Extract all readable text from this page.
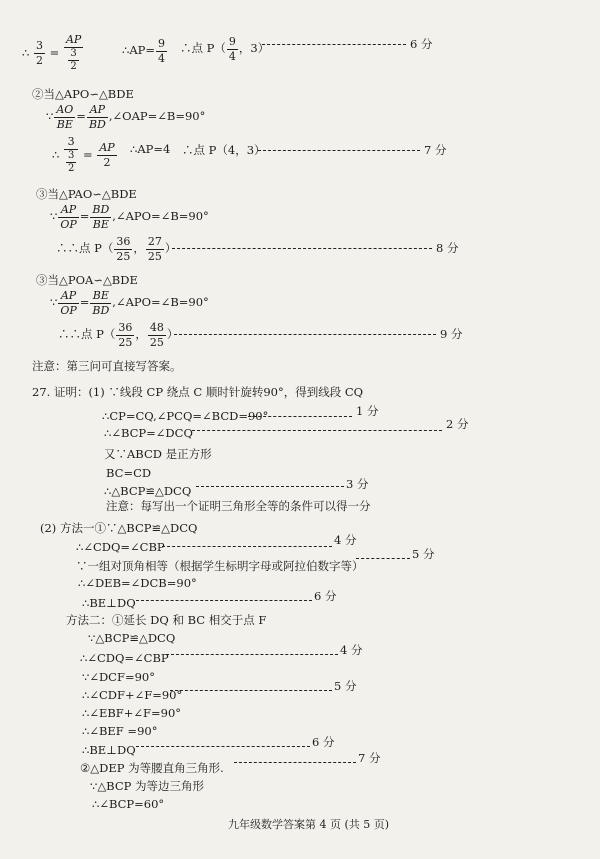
∴ $\frac{3}{2} = \frac{AP}{\frac{3}{2}}$	∴AP= $\frac{9}{4}$ ∴点 $P( \frac{9}{4}$ ，3）	6 分
②当△APO∽△BDE
∵ $\frac{AO}{BE} = \frac{AP}{BD}$ ,∠OAP=∠B=90°
∴ $\frac{3}{\frac{3}{2}} = \frac{AP}{2}$ ∴AP=4 ∴点 P（4，3）	7 分
③当△PAO∽△BDE
∵ $\frac{AP}{OP} = \frac{BD}{BE}$ ,∠APO=∠B=90°
∴∴点 $P( \frac{36}{25}$ ， $\frac{27}{25}$ ）	8 分
③当△POA∽△BDE
∵ $\frac{AP}{OP} = \frac{BE}{BD}$ ,∠APO=∠B=90°
∴∴点 $P( \frac{36}{25}$ ， $\frac{48}{25}$ ）	9 分
注意：第三问可直接写答案。
27. 证明：(1) ∵线段 CP 绕点 C 顺时针旋转90°，得到线段 CQ
∴CP=CQ,∠PCQ=∠BCD=90°	1 分
∴∠BCP=∠DCQ
2 分
又∵ABCD 是正方形
BC=CD
∴△BCP≌△DCQ	3 分
注意：每写出一个证明三角形全等的条件可以得一分
(2) 方法一①∵△BCP≌△DCQ
∴∠CDQ=∠CBP	4 分
∵一组对顶角相等（根据学生标明字母或阿拉伯数字等）
5 分
∴∠DEB=∠DCB=90°
∴BE⊥DQ	6 分
方法二：①延长 DQ 和 BC 相交于点 F
∵△BCP≌△DCQ
∴∠CDQ=∠CBP
4 分
∵∠DCF=90°
∴∠CDF+∠F=90°
5 分
∴∠EBF+∠F=90°
∴∠BEF =90°
∴BE⊥DQ
6 分
②△DEP 为等腰直角三角形.
7 分
∵△BCP 为等边三角形
∴∠BCP=60°
九年级数学答案第 4 页 (共 5 页)
